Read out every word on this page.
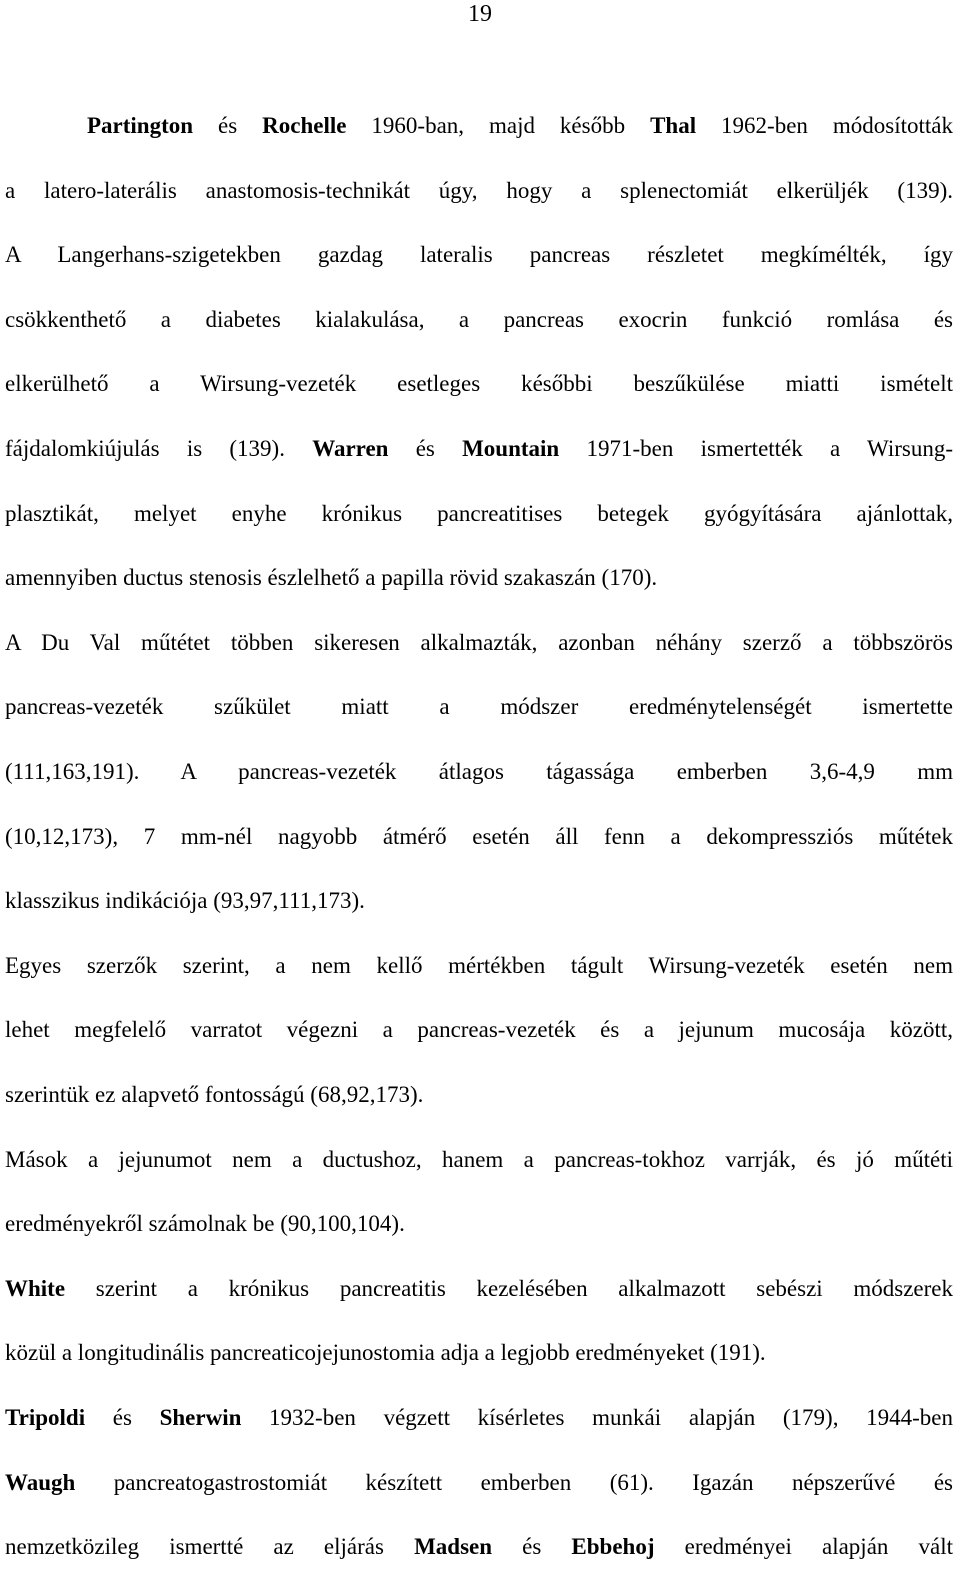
19
Partington és Rochelle 1960-ban, majd később Thal 1962-ben módosították
a latero-laterális anastomosis-technikát úgy, hogy a splenectomiát elkerüljék (139).
A Langerhans-szigetekben gazdag lateralis pancreas részletet megkímélték, így
csökkenthető a diabetes kialakulása, a pancreas exocrin funkció romlása és
elkerülhető a Wirsung-vezeték esetleges későbbi beszűkülése miatti ismételt
fájdalomkiújulás is (139). Warren és Mountain 1971-ben ismertették a Wirsung-
plasztikát, melyet enyhe krónikus pancreatitises betegek gyógyítására ajánlottak,
amennyiben ductus stenosis észlelhető a papilla rövid szakaszán (170).
A Du Val műtétet többen sikeresen alkalmazták, azonban néhány szerző a többszörös
pancreas-vezeték szűkület miatt a módszer eredménytelenségét ismertette
(111,163,191). A pancreas-vezeték átlagos tágassága emberben 3,6-4,9 mm
(10,12,173), 7 mm-nél nagyobb átmérő esetén áll fenn a dekompressziós műtétek
klasszikus indikációja (93,97,111,173).
Egyes szerzők szerint, a nem kellő mértékben tágult Wirsung-vezeték esetén nem
lehet megfelelő varratot végezni a pancreas-vezeték és a jejunum mucosája között,
szerintük ez alapvető fontosságú (68,92,173).
Mások a jejunumot nem a ductushoz, hanem a pancreas-tokhoz varrják, és jó műtéti
eredményekről számolnak be (90,100,104).
White szerint a krónikus pancreatitis kezelésében alkalmazott sebészi módszerek
közül a longitudinális pancreaticojejunostomia adja a legjobb eredményeket (191).
Tripoldi és Sherwin 1932-ben végzett kísérletes munkái alapján (179), 1944-ben
Waugh pancreatogastrostomiát készített emberben (61). Igazán népszerűvé és
nemzetközileg ismertté az eljárás Madsen és Ebbehoj eredményei alapján vált
